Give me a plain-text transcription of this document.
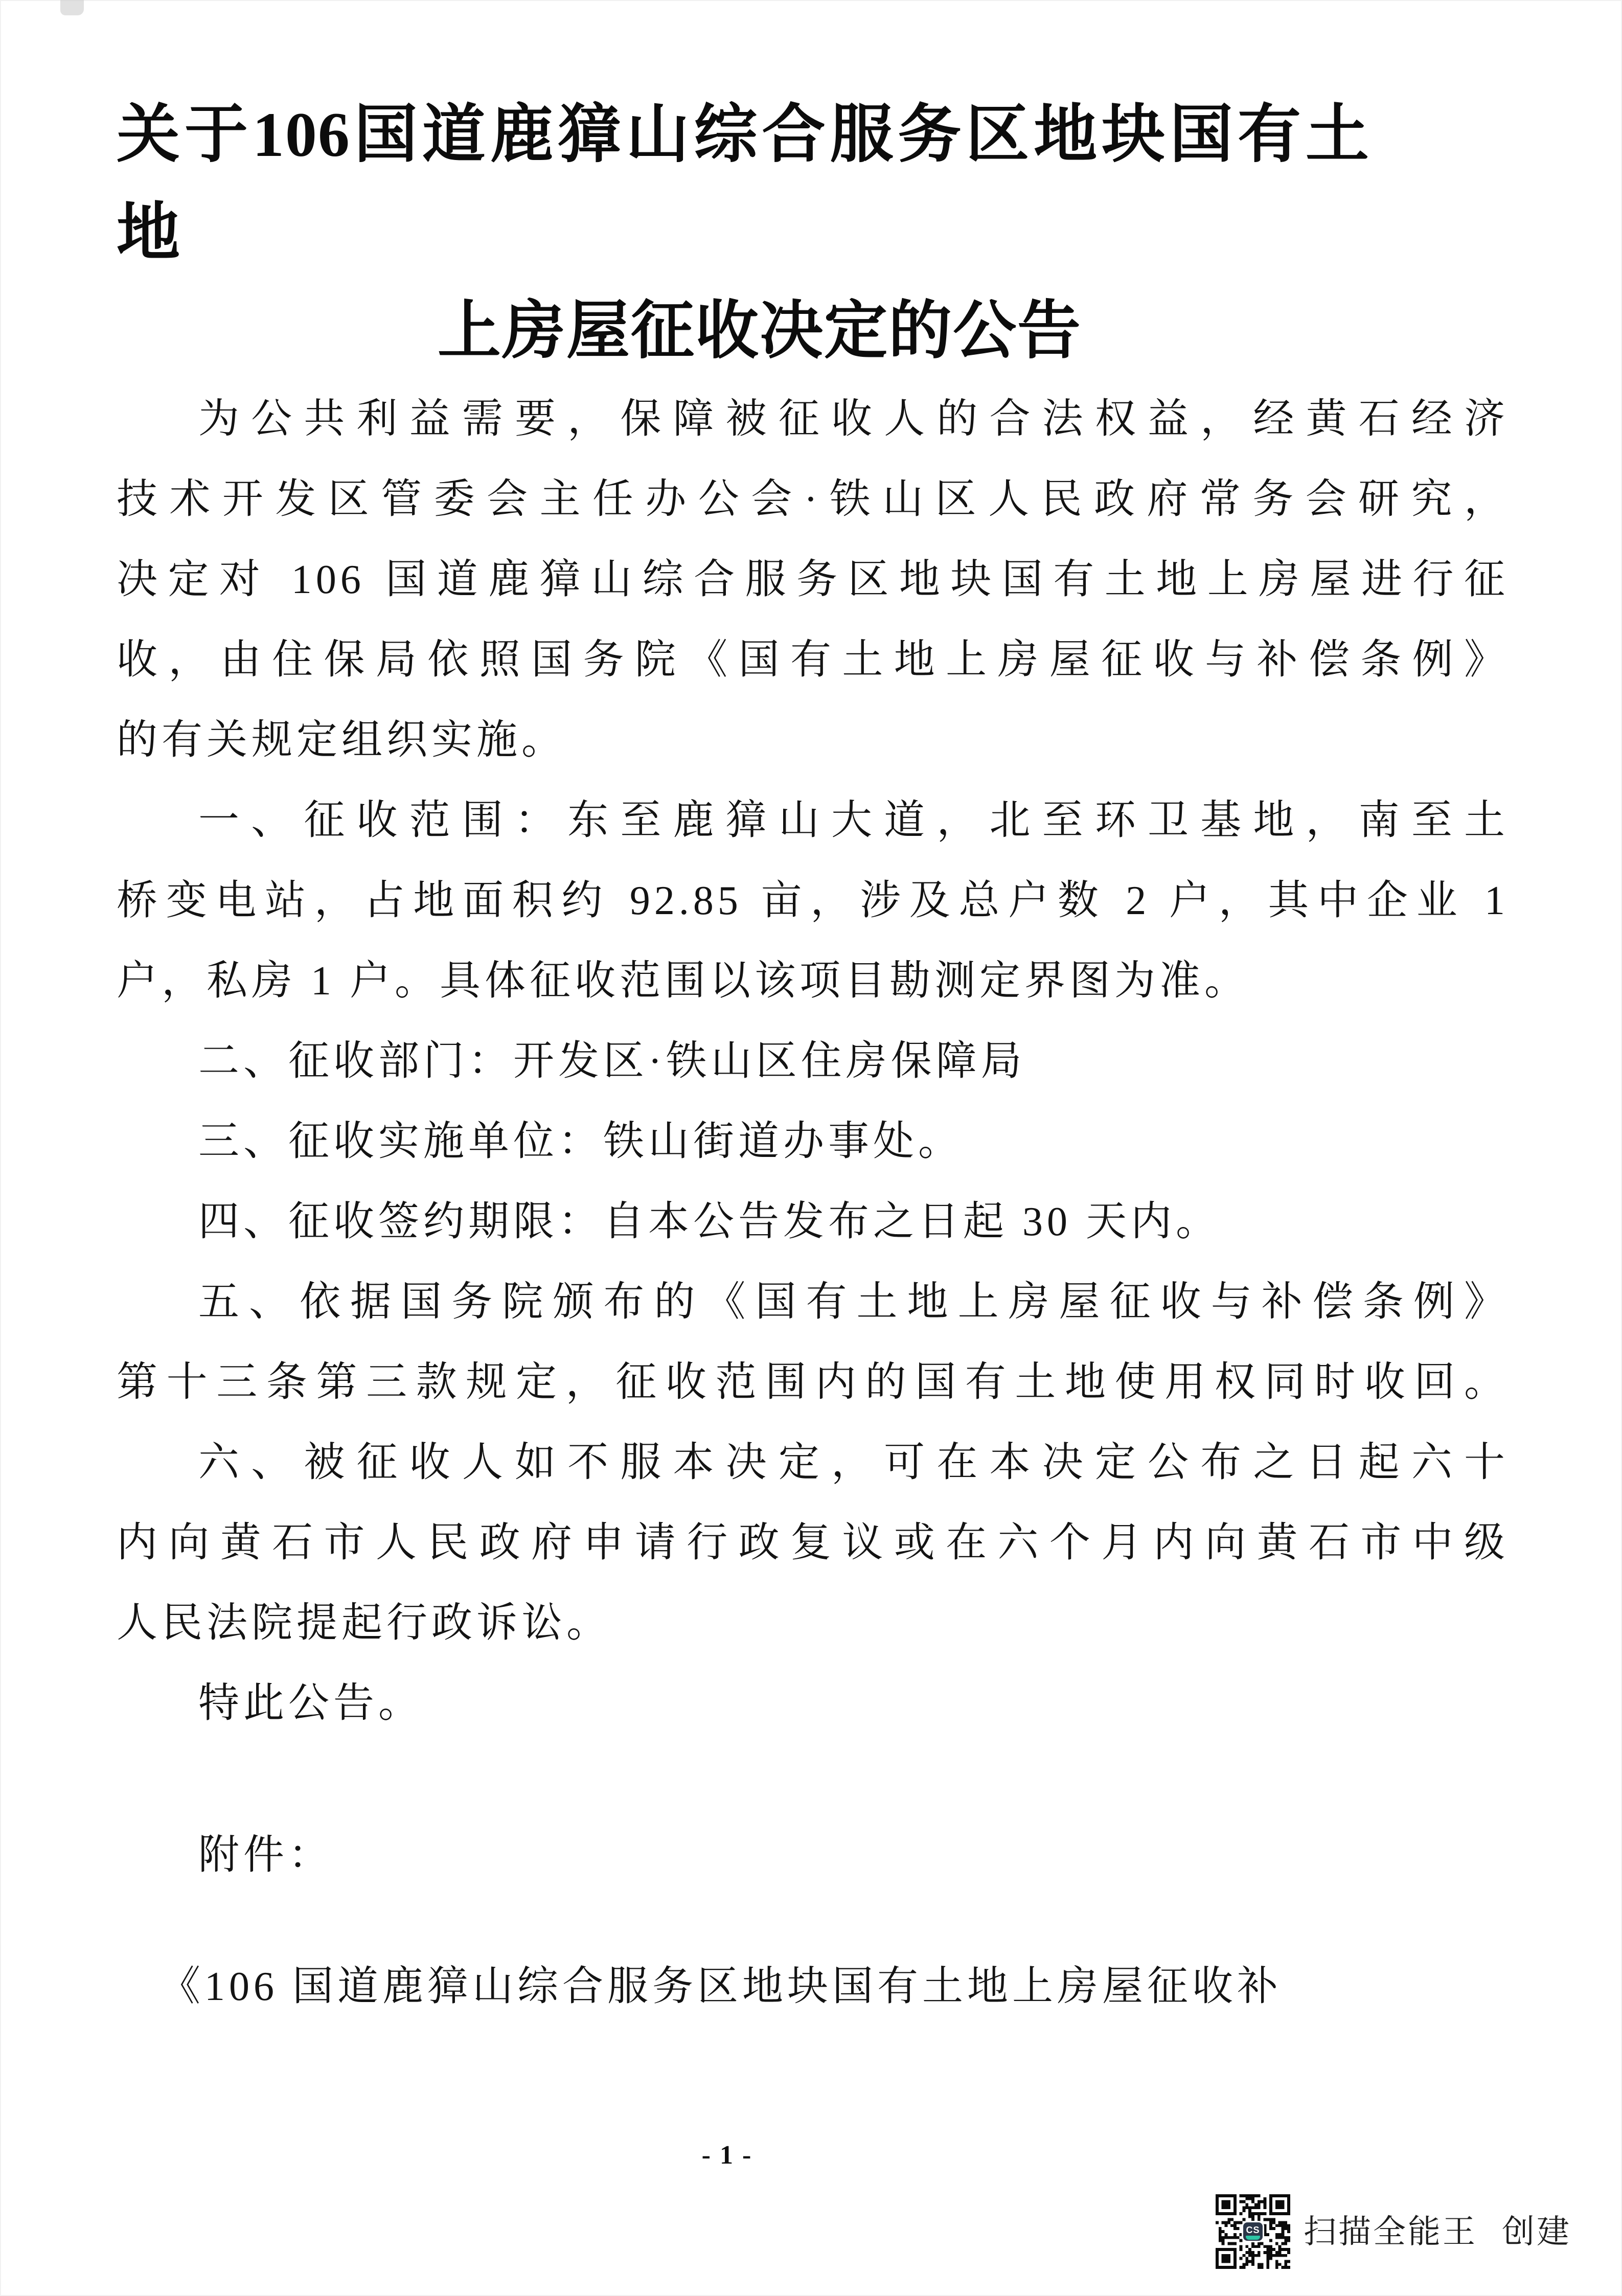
关于106国道鹿獐山综合服务区地块国有土地
上房屋征收决定的公告
为公共利益需要，保障被征收人的合法权益，经黄石经济
技术开发区管委会主任办公会·铁山区人民政府常务会研究，
决定对 106 国道鹿獐山综合服务区地块国有土地上房屋进行征
收，由住保局依照国务院《国有土地上房屋征收与补偿条例》
的有关规定组织实施。
一、征收范围：东至鹿獐山大道，北至环卫基地，南至土
桥变电站，占地面积约 92.85 亩，涉及总户数 2 户，其中企业 1
户，私房 1 户。具体征收范围以该项目勘测定界图为准。
二、征收部门：开发区·铁山区住房保障局
三、征收实施单位：铁山街道办事处。
四、征收签约期限：自本公告发布之日起 30 天内。
五、依据国务院颁布的《国有土地上房屋征收与补偿条例》
第十三条第三款规定，征收范围内的国有土地使用权同时收回。
六、被征收人如不服本决定，可在本决定公布之日起六十
内向黄石市人民政府申请行政复议或在六个月内向黄石市中级
人民法院提起行政诉讼。
特此公告。
附件：
《106 国道鹿獐山综合服务区地块国有土地上房屋征收补
-1-
CS 扫描全能王 创建
